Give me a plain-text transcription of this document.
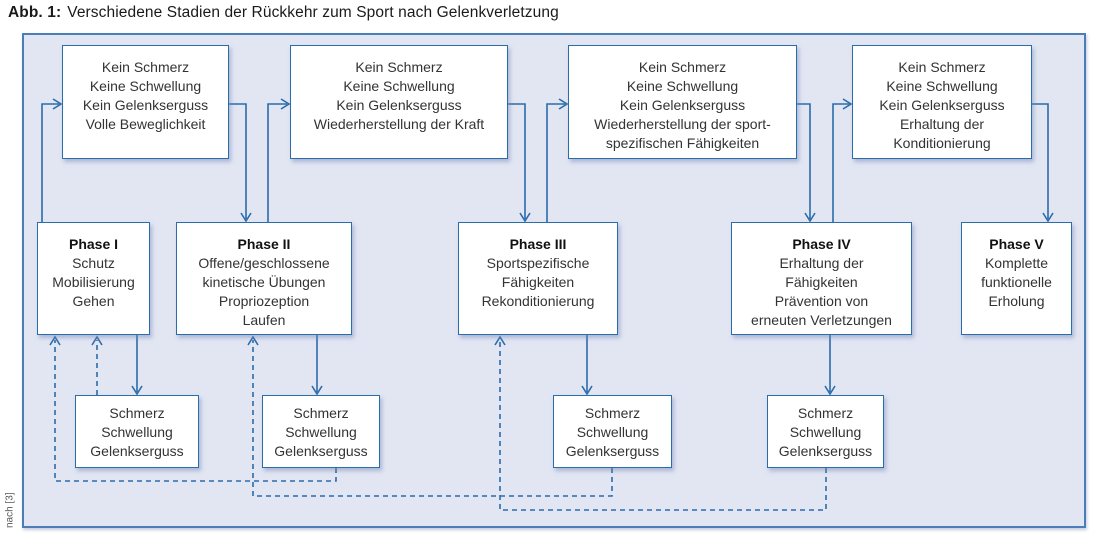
Abb. 1: Verschiedene Stadien der Rückkehr zum Sport nach Gelenkverletzung
Kein Schmerz
Keine Schwellung
Kein Gelenkserguss
Volle Beweglichkeit
Kein Schmerz
Keine Schwellung
Kein Gelenkserguss
Wiederherstellung der Kraft
Kein Schmerz
Keine Schwellung
Kein Gelenkserguss
Wiederherstellung der sport-
spezifischen Fähigkeiten
Kein Schmerz
Keine Schwellung
Kein Gelenkserguss
Erhaltung der
Konditionierung
Phase I
Schutz
Mobilisierung
Gehen
Phase II
Offene/geschlossene
kinetische Übungen
Propriozeption
Laufen
Phase III
Sportspezifische
Fähigkeiten
Rekonditionierung
Phase IV
Erhaltung der
Fähigkeiten
Prävention von
erneuten Verletzungen
Phase V
Komplette
funktionelle
Erholung
Schmerz
Schwellung
Gelenkserguss
Schmerz
Schwellung
Gelenkserguss
Schmerz
Schwellung
Gelenkserguss
Schmerz
Schwellung
Gelenkserguss
nach [3]
